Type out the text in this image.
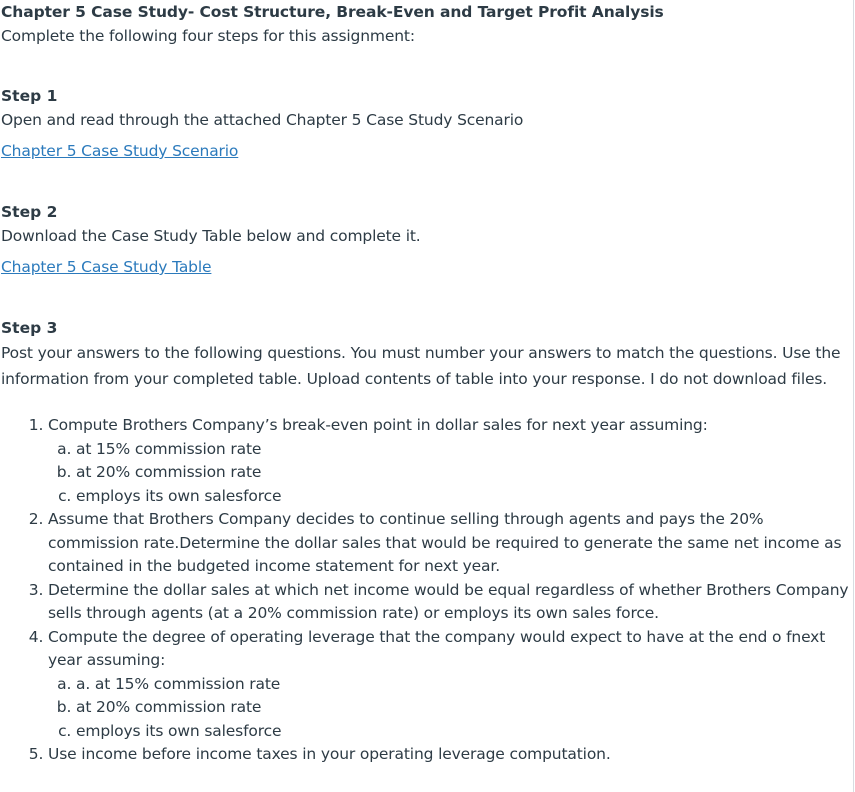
Chapter 5 Case Study- Cost Structure, Break-Even and Target Profit Analysis
Complete the following four steps for this assignment:
Step 1
Open and read through the attached Chapter 5 Case Study Scenario
Chapter 5 Case Study Scenario
Step 2
Download the Case Study Table below and complete it.
Chapter 5 Case Study Table
Step 3
Post your answers to the following questions. You must number your answers to match the questions. Use the information from your completed table. Upload contents of table into your response. I do not download files.
1. Compute Brothers Company’s break-even point in dollar sales for next year assuming:
a. at 15% commission rate
b. at 20% commission rate
c. employs its own salesforce
2. Assume that Brothers Company decides to continue selling through agents and pays the 20% commission rate.Determine the dollar sales that would be required to generate the same net income as contained in the budgeted income statement for next year.
3. Determine the dollar sales at which net income would be equal regardless of whether Brothers Company sells through agents (at a 20% commission rate) or employs its own sales force.
4. Compute the degree of operating leverage that the company would expect to have at the end o fnext year assuming:
a. a. at 15% commission rate
b. at 20% commission rate
c. employs its own salesforce
5. Use income before income taxes in your operating leverage computation.
